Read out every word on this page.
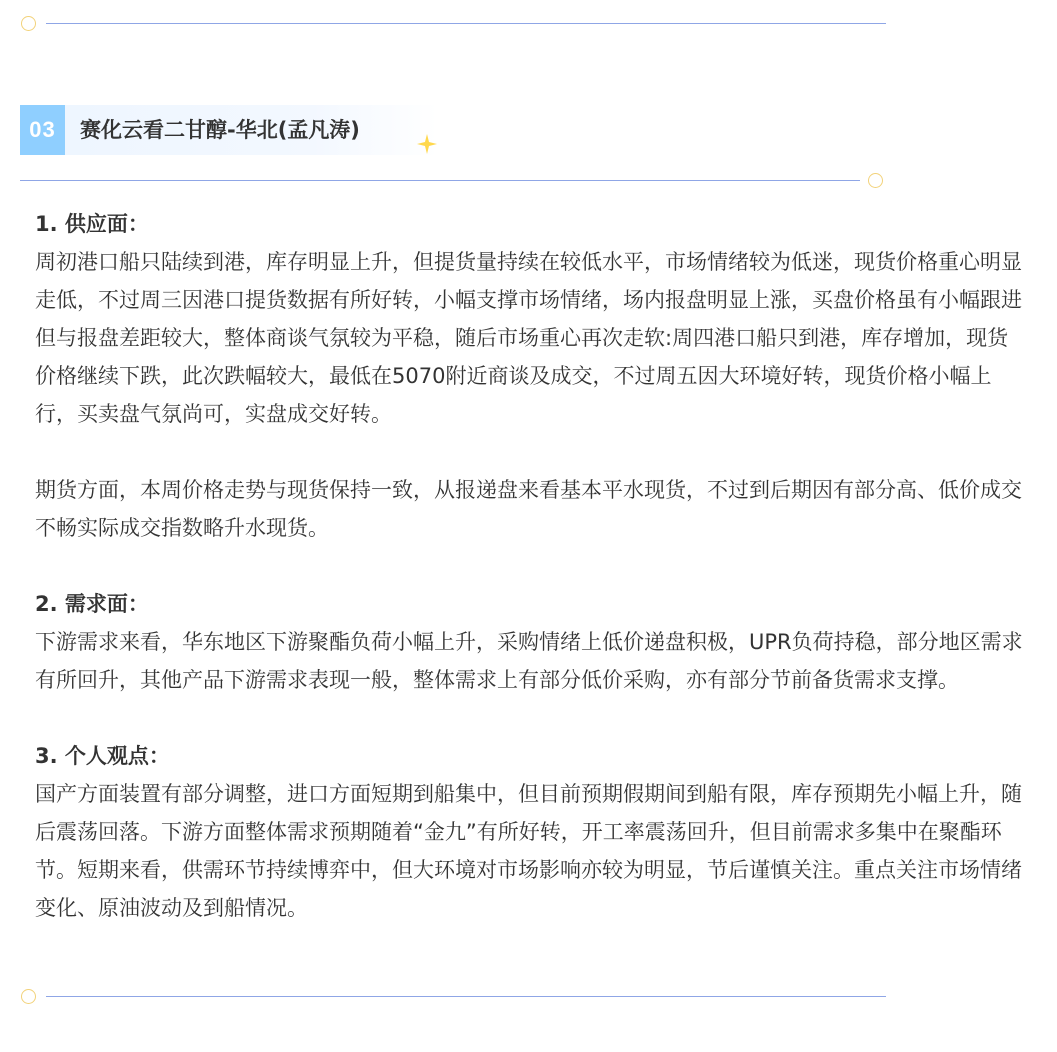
03	赛化云看二甘醇-华北(孟凡涛)
1. 供应面：

周初港口船只陆续到港，库存明显上升，但提货量持续在较低水平，市场情绪较为低迷，现货价格重心明显走低，不过周三因港口提货数据有所好转，小幅支撑市场情绪，场内报盘明显上涨，买盘价格虽有小幅跟进但与报盘差距较大，整体商谈气氛较为平稳，随后市场重心再次走软:周四港口船只到港，库存增加，现货价格继续下跌，此次跌幅较大，最低在5070附近商谈及成交，不过周五因大环境好转，现货价格小幅上行，买卖盘气氛尚可，实盘成交好转。

期货方面，本周价格走势与现货保持一致，从报递盘来看基本平水现货，不过到后期因有部分高、低价成交不畅实际成交指数略升水现货。

2. 需求面：

下游需求来看，华东地区下游聚酯负荷小幅上升，采购情绪上低价递盘积极，UPR负荷持稳，部分地区需求有所回升，其他产品下游需求表现一般，整体需求上有部分低价采购，亦有部分节前备货需求支撑。

3. 个人观点：

国产方面装置有部分调整，进口方面短期到船集中，但目前预期假期间到船有限，库存预期先小幅上升，随后震荡回落。下游方面整体需求预期随着“金九”有所好转，开工率震荡回升，但目前需求多集中在聚酯环节。短期来看，供需环节持续博弈中，但大环境对市场影响亦较为明显，节后谨慎关注。重点关注市场情绪变化、原油波动及到船情况。
